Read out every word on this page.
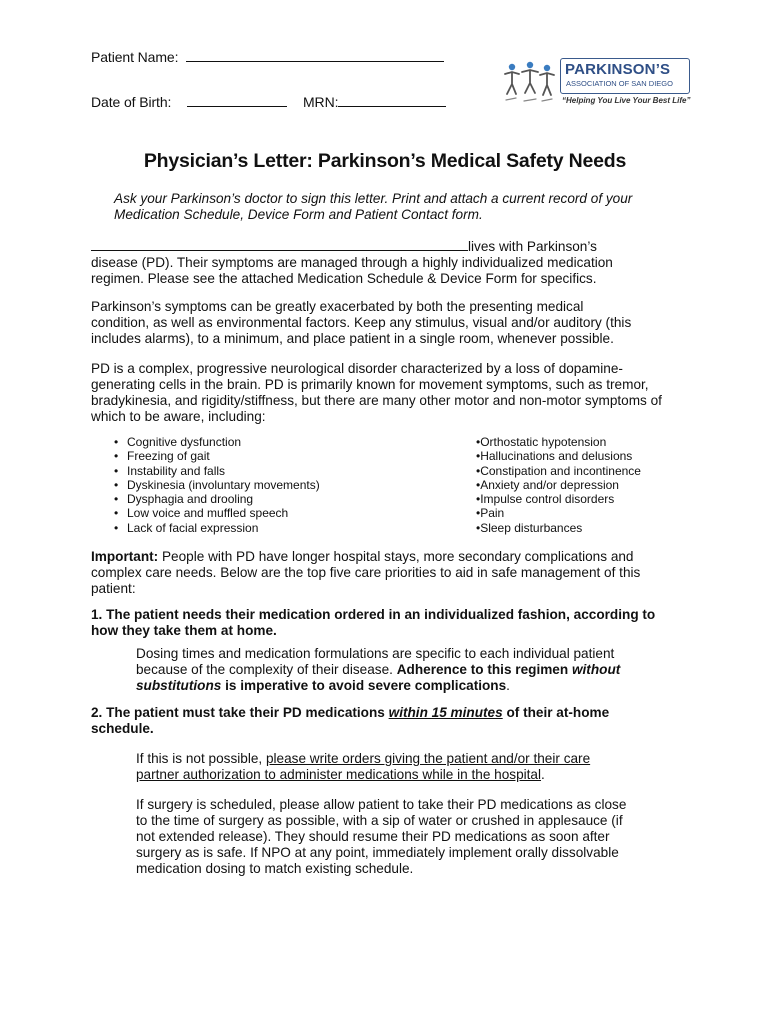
Patient Name:
Date of Birth:	MRN:
PARKINSON’S
ASSOCIATION OF SAN DIEGO
“Helping You Live Your Best Life”
Physician’s Letter: Parkinson’s Medical Safety Needs

Ask your Parkinson’s doctor to sign this letter. Print and attach a current record of your
Medication Schedule, Device Form and Patient Contact form.

lives with Parkinson’s
disease (PD). Their symptoms are managed through a highly individualized medication
regimen. Please see the attached Medication Schedule & Device Form for specifics.

Parkinson’s symptoms can be greatly exacerbated by both the presenting medical
condition, as well as environmental factors. Keep any stimulus, visual and/or auditory (this
includes alarms), to a minimum, and place patient in a single room, whenever possible.

PD is a complex, progressive neurological disorder characterized by a loss of dopamine-
generating cells in the brain. PD is primarily known for movement symptoms, such as tremor,
bradykinesia, and rigidity/stiffness, but there are many other motor and non-motor symptoms of
which to be aware, including:

• Cognitive dysfunction
• Freezing of gait
• Instability and falls
• Dyskinesia (involuntary movements)
• Dysphagia and drooling
• Low voice and muffled speech
• Lack of facial expression
• Orthostatic hypotension
• Hallucinations and delusions
• Constipation and incontinence
• Anxiety and/or depression
• Impulse control disorders
• Pain
• Sleep disturbances

Important: People with PD have longer hospital stays, more secondary complications and
complex care needs. Below are the top five care priorities to aid in safe management of this
patient:

1. The patient needs their medication ordered in an individualized fashion, according to
how they take them at home.

Dosing times and medication formulations are specific to each individual patient
because of the complexity of their disease. Adherence to this regimen without
substitutions is imperative to avoid severe complications.

2. The patient must take their PD medications within 15 minutes of their at-home
schedule.

If this is not possible, please write orders giving the patient and/or their care
partner authorization to administer medications while in the hospital.

If surgery is scheduled, please allow patient to take their PD medications as close
to the time of surgery as possible, with a sip of water or crushed in applesauce (if
not extended release). They should resume their PD medications as soon after
surgery as is safe. If NPO at any point, immediately implement orally dissolvable
medication dosing to match existing schedule.
